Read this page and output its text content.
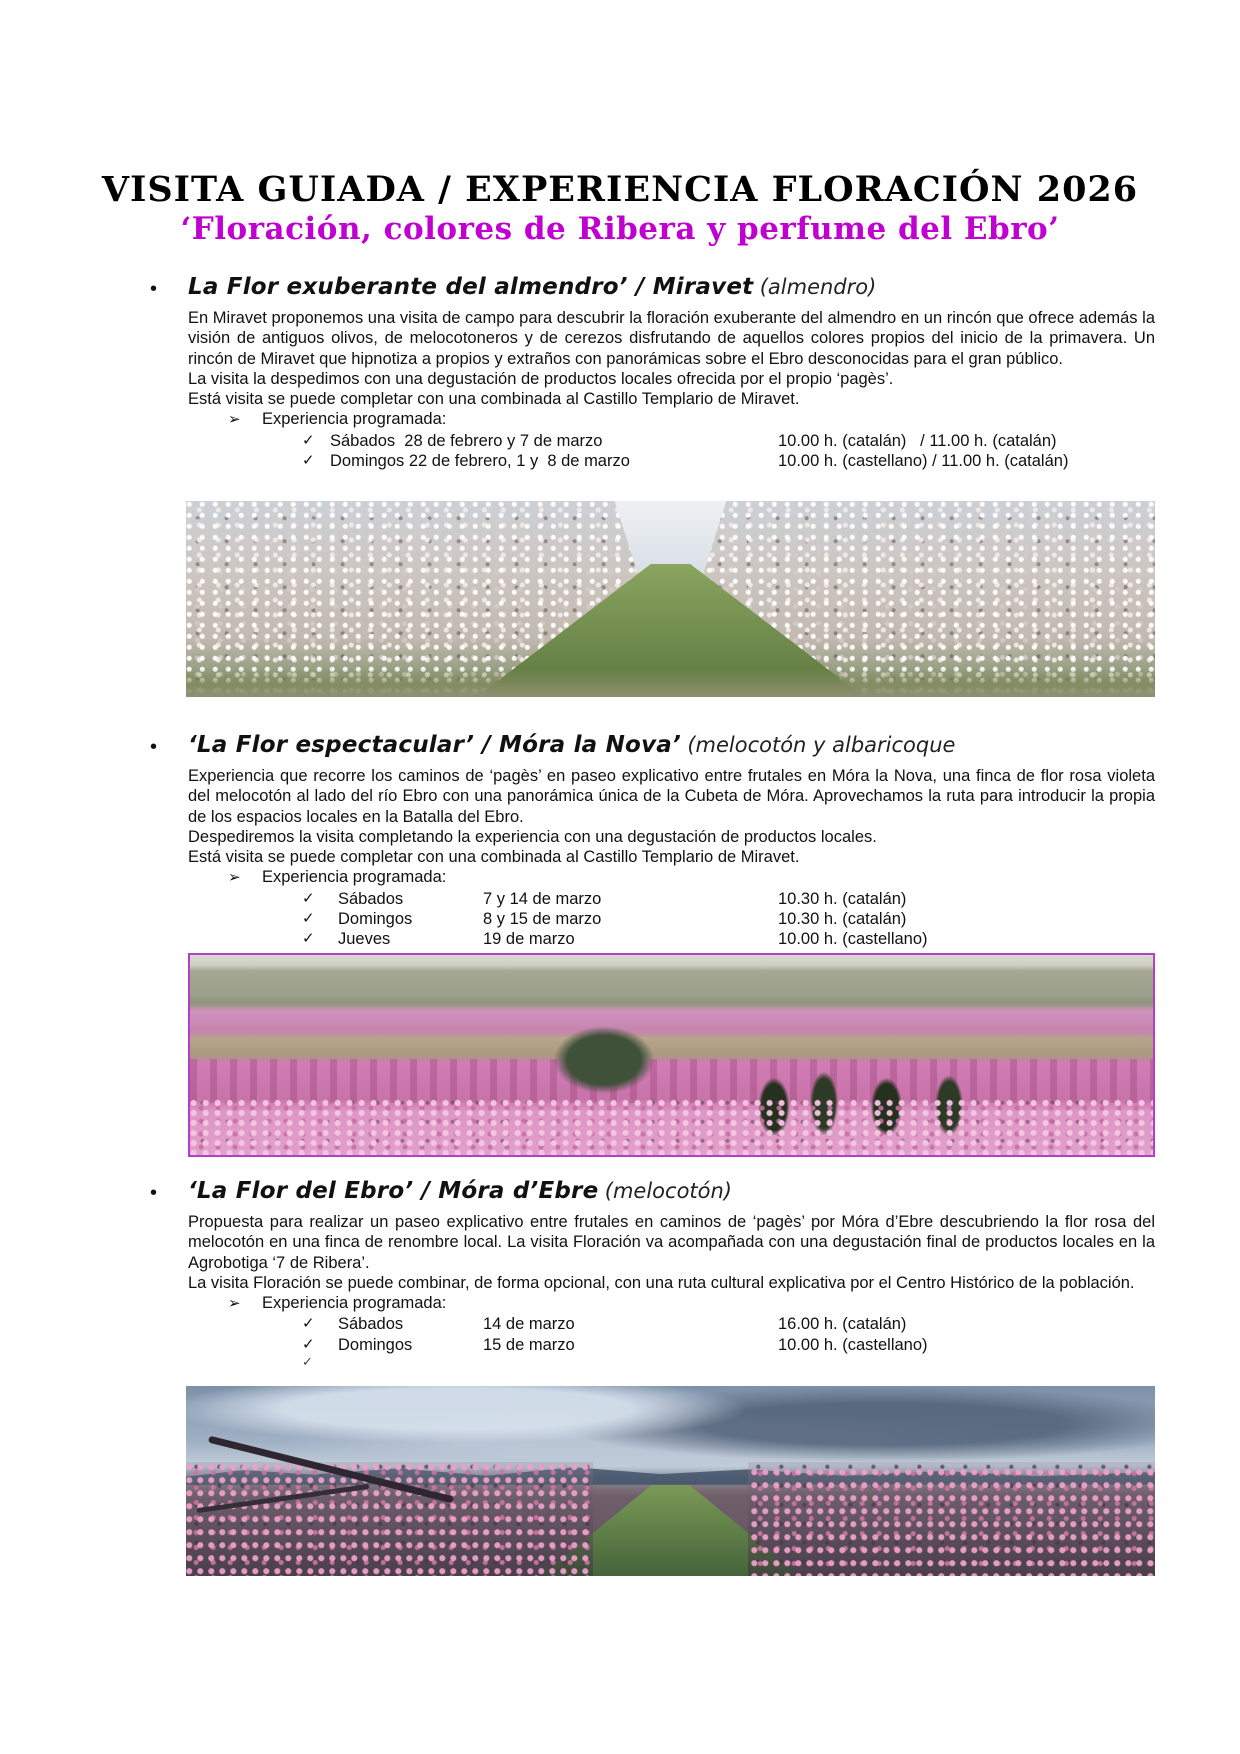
VISITA GUIADA / EXPERIENCIA FLORACIÓN 2026
‘Floración, colores de Ribera y perfume del Ebro’
• La Flor exuberante del almendro’ / Miravet (almendro)

En Miravet proponemos una visita de campo para descubrir la floración exuberante del almendro en un rincón que ofrece además la visión de antiguos olivos, de melocotoneros y de cerezos disfrutando de aquellos colores propios del inicio de la primavera. Un rincón de Miravet que hipnotiza a propios y extraños con panorámicas sobre el Ebro desconocidas para el gran público.

La visita la despedimos con una degustación de productos locales ofrecida por el propio ‘pagès’.
Está visita se puede completar con una combinada al Castillo Templario de Miravet.
➢ Experiencia programada:
✓ Sábados  28 de febrero y 7 de marzo	10.00 h. (catalán)   / 11.00 h. (catalán)
✓ Domingos 22 de febrero, 1 y  8 de marzo	10.00 h. (castellano) / 11.00 h. (catalán)
• ‘La Flor espectacular’ / Móra la Nova’ (melocotón y albaricoque

Experiencia que recorre los caminos de ‘pagès’ en paseo explicativo entre frutales en Móra la Nova, una finca de flor rosa violeta del melocotón al lado del río Ebro con una panorámica única de la Cubeta de Móra. Aprovechamos la ruta para introducir la propia de los espacios locales en la Batalla del Ebro.

Despediremos la visita completando la experiencia con una degustación de productos locales.
Está visita se puede completar con una combinada al Castillo Templario de Miravet.
➢ Experiencia programada:
✓ Sábados	7 y 14 de marzo	10.30 h. (catalán)
✓ Domingos	8 y 15 de marzo	10.30 h. (catalán)
✓ Jueves	19 de marzo	10.00 h. (castellano)
• ‘La Flor del Ebro’ / Móra d’Ebre (melocotón)

Propuesta para realizar un paseo explicativo entre frutales en caminos de ‘pagès’ por Móra d’Ebre descubriendo la flor rosa del melocotón en una finca de renombre local. La visita Floración va acompañada con una degustación final de productos locales en la Agrobotiga ‘7 de Ribera’.

La visita Floración se puede combinar, de forma opcional, con una ruta cultural explicativa por el Centro Histórico de la población.

➢ Experiencia programada:
✓ Sábados	14 de marzo	16.00 h. (catalán)
✓ Domingos	15 de marzo	10.00 h. (castellano)
✓
